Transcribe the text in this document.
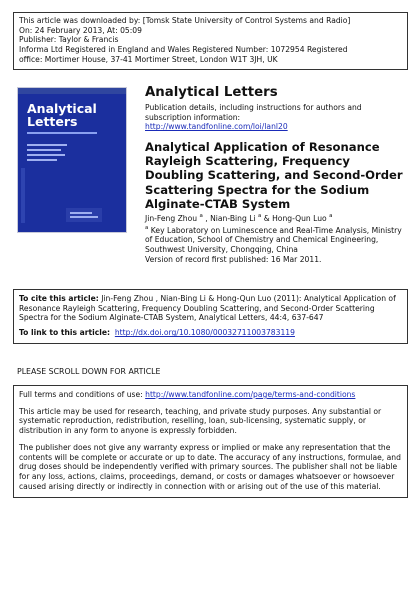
This article was downloaded by: [Tomsk State University of Control Systems and Radio]
On: 24 February 2013, At: 05:09
Publisher: Taylor & Francis
Informa Ltd Registered in England and Wales Registered Number: 1072954 Registered
office: Mortimer House, 37-41 Mortimer Street, London W1T 3JH, UK
Analytical
Letters
Analytical Letters
Publication details, including instructions for authors and subscription information:
http://www.tandfonline.com/loi/lanl20
Analytical Application of Resonance Rayleigh Scattering, Frequency Doubling Scattering, and Second-Order Scattering Spectra for the Sodium Alginate-CTAB System
Jin-Feng Zhou $^a$ , Nian-Bing Li $^a$ & Hong-Qun Luo $^a$
$^a$ Key Laboratory on Luminescence and Real-Time Analysis, Ministry of Education, School of Chemistry and Chemical Engineering, Southwest University, Chongqing, China
Version of record first published: 16 Mar 2011.
To cite this article: Jin-Feng Zhou , Nian-Bing Li & Hong-Qun Luo (2011): Analytical Application of Resonance Rayleigh Scattering, Frequency Doubling Scattering, and Second-Order Scattering Spectra for the Sodium Alginate-CTAB System, Analytical Letters, 44:4, 637-647
To link to this article: http://dx.doi.org/10.1080/00032711003783119
PLEASE SCROLL DOWN FOR ARTICLE

Full terms and conditions of use: http://www.tandfonline.com/page/terms-and-conditions

This article may be used for research, teaching, and private study purposes. Any substantial or systematic reproduction, redistribution, reselling, loan, sub-licensing, systematic supply, or distribution in any form to anyone is expressly forbidden.

The publisher does not give any warranty express or implied or make any representation that the contents will be complete or accurate or up to date. The accuracy of any instructions, formulae, and drug doses should be independently verified with primary sources. The publisher shall not be liable for any loss, actions, claims, proceedings, demand, or costs or damages whatsoever or howsoever caused arising directly or indirectly in connection with or arising out of the use of this material.
